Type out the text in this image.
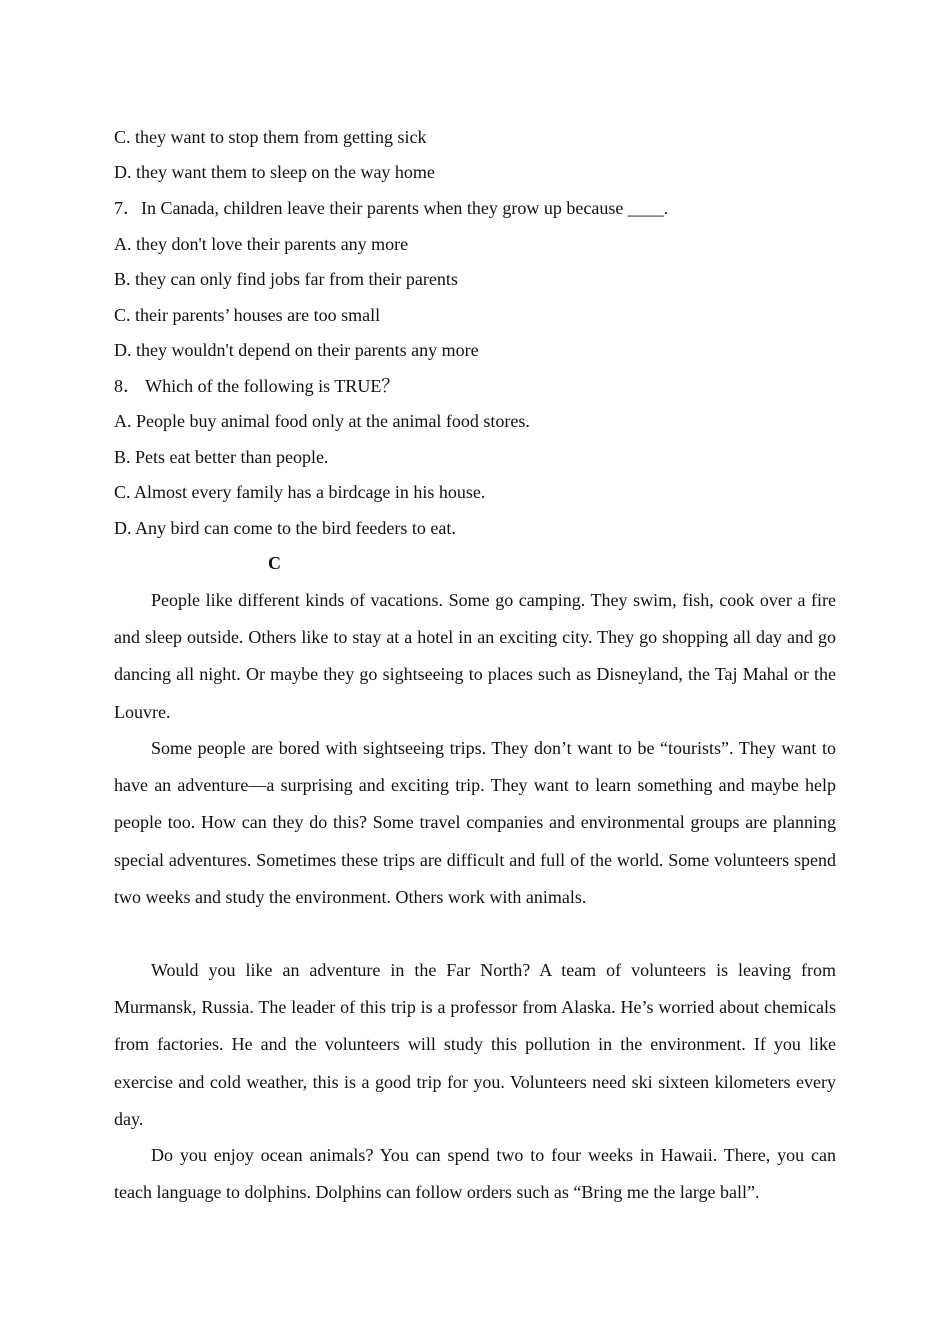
C. they want to stop them from getting sick
D. they want them to sleep on the way home
7．In Canada, children leave their parents when they grow up because ____.
A. they don't love their parents any more
B. they can only find jobs far from their parents
C. their parents’ houses are too small
D. they wouldn't depend on their parents any more
8． Which of the following is TRUE？
A. People buy animal food only at the animal food stores.
B. Pets eat better than people.
C. Almost every family has a birdcage in his house.
D. Any bird can come to the bird feeders to eat.
C

People like different kinds of vacations. Some go camping. They swim, fish, cook over a fire and sleep outside. Others like to stay at a hotel in an exciting city. They go shopping all day and go dancing all night. Or maybe they go sightseeing to places such as Disneyland, the Taj Mahal or the Louvre.

Some people are bored with sightseeing trips. They don’t want to be “tourists”. They want to have an adventure—a surprising and exciting trip. They want to learn something and maybe help people too. How can they do this? Some travel companies and environmental groups are planning special adventures. Sometimes these trips are difficult and full of the world. Some volunteers spend two weeks and study the environment. Others work with animals.

Would you like an adventure in the Far North? A team of volunteers is leaving from Murmansk, Russia. The leader of this trip is a professor from Alaska. He’s worried about chemicals from factories. He and the volunteers will study this pollution in the environment. If you like exercise and cold weather, this is a good trip for you. Volunteers need ski sixteen kilometers every day.

Do you enjoy ocean animals? You can spend two to four weeks in Hawaii. There, you can teach language to dolphins. Dolphins can follow orders such as “Bring me the large ball”.
